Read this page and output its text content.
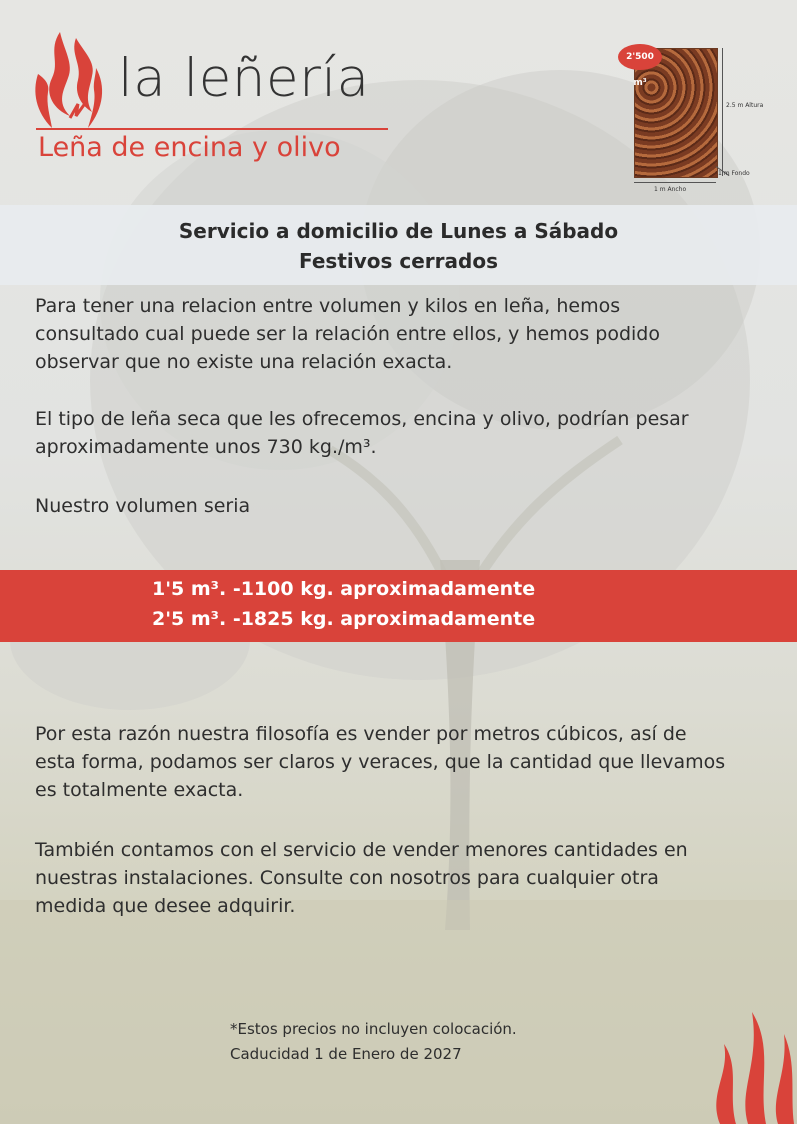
la leñería
Leña de encina y olivo
2'500 m³
2.5 m Altura
1 m Fondo
1 m Ancho
Servicio a domicilio de Lunes a Sábado
Festivos cerrados
Para tener una relacion entre volumen y kilos en leña, hemos
consultado cual puede ser la relación entre ellos, y hemos podido
observar que no existe una relación exacta.
El tipo de leña seca que les ofrecemos, encina y olivo, podrían pesar
aproximadamente unos 730 kg./m³.
Nuestro volumen seria
1'5 m³. -1100 kg. aproximadamente
2'5 m³. -1825 kg. aproximadamente
Por esta razón nuestra filosofía es vender por metros cúbicos, así de
esta forma, podamos ser claros y veraces, que la cantidad que llevamos
es totalmente exacta.
También contamos con el servicio de vender menores cantidades en
nuestras instalaciones. Consulte con nosotros para cualquier otra
medida que desee adquirir.
*Estos precios no incluyen colocación.
Caducidad 1 de Enero de 2027
